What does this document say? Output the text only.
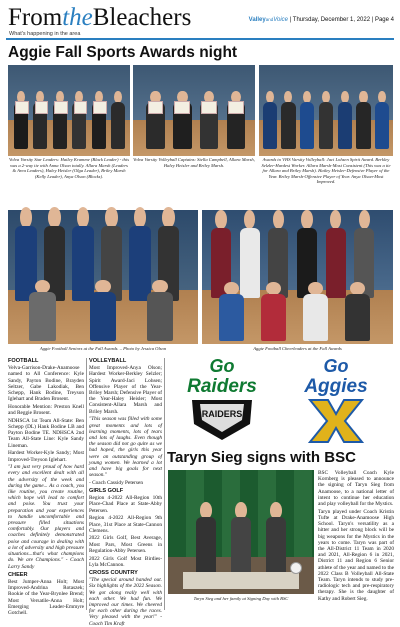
FromtheBleachers
What's happening in the area
ValleyandVoice | Thursday, December 1, 2022 | Page 4
Aggie Fall Sports Awards night
Volva Varsity Star Leaders: Hailey Kramme (Black Leader) - this was a 2-way tie with Anna Olson totally. Allara Marsh (Leaders & Area Leaders), Haley Heisler (Olga Leader), Briley Marsh (Kelly Leader), Anya Olson (Blocks).
Volva Varsity Volleyball Captains: Stella Campbell, Allara Marsh, Haley Heisler and Briley Marsh.
Awards to VHS Varsity Volleyball: Jaci Lohsen Spirit Award. Berkley Selzler-Hardest Worker. Allara Marsh-Most Consistent (This was a tie for Allara and Briley Marsh). Hailey Heisler-Defensive Player of the Year. Briley Marsh-Offensive Player of Year. Anya Olson-Most Improved.
Aggie Football Seniors at the Fall Awards. – Photo by Jessica Olson	Aggie Football Cheerleaders at the Fall Awards
FOOTBALL

Velva-Garrison-Drake-Anamoose named to All Conference: Kyle Sandy, Payton Bodine, Brayden Seltzer, Gabe Lakodiak, Ben Schepp, Hank Bodine, Treyson Iglehart and Braden Brosent.

Honorable Mention: Preston Knell and Reggie Brosent.

NDHSCA 1st Team All-State: Ben Schepp (DL) Hank Bodine LB and Payton Bodine TE. NDHSCA 2nd Team All-State Line: Kyle Sandy Lineman.

Hardest Worker-Kyle Sandy; Most Improved-Treyson Iglehart.

"I am just very proud of how hard every and excellent dealt with all the adversity of the week and during the game... As a coach, you like routine, you create routine, which hope will lead to comfort and poise. You trust your preparation and your experiences to handle uncomfortable and pressure filled situations comfortably. Our players and coaches definitely demonstrated poise and courage in dealing with a lot of adversity and high pressure situations...that's what champions do. We are Champions." - Coach Larry Sandy

CHEER

Best Jumper-Anna Holt; Most Improved-Andrina Rotaszek; Rookie of the Year-Brynlee Brend; Most Versatile-Anna Holt; Emerging Leader-Emmyre Gotchell.

VOLLEYBALL

Most Improved-Anya Olson; Hardest Worker-Berkley Selzler; Spirit Award-Jaci Lohsen; Offensive Player of the Year-Briley Marsh; Defensive Player of the Year-Haley Heisler; Most Consistent-Allara Marsh and Briley Marsh.

"This season was filled with some great moments and lots of learning moments, lots of tears and lots of laughs. Even though the season did not go quite as we had hoped, the girls this year were an outstanding group of young women. We learned a lot and have big goals for next season."

- Coach Cassidy Petersen

GIRLS GOLF

Region 4-2022 All-Region 10th Place-Chad Place at State-Abby Petersen.

Region 4-2022 All-Region 9th Place, 31st Place at State-Cannon Clemens.

2022 Girls Golf, Best Average, Most Pars, Most Greens in Regulation-Abby Petersen.

2022 Girls Golf Most Birdies-Lyla McCannon.

CROSS COUNTRY

"The special around handed out. Six highlights of the 2022 Season. We got along really well with each other. We had fun. We improved our times. We cheered for each other during the races. Very pleased with the year!" - Coach Tim Kraft

Go
Raiders
RAIDERS
Go
Aggies
Taryn Sieg signs with BSC
Taryn Sieg and her family at Signing Day with BSC

BSC Volleyball Coach Kyle Kornberg is pleased to announce the signing of Taryn Sieg from Anamoose, to a national letter of intent to continue her education and play volleyball for the Mystics.

Taryn played under Coach Kristin Tufte at Drake-Anamoose High School. Taryn's versatility as a hitter and her strong block will be big weapons for the Mystics in the years to come. Taryn was part of the All-District 11 Team in 2020 and 2021, All-Region 6 in 2021, District 11 and Region 6 Senior athlete of the year and named to the 2022 Class B Volleyball All-State Team. Taryn intends to study pre-radiologic tech and pre-respiratory therapy. She is the daughter of Kathy and Robert Sieg.
